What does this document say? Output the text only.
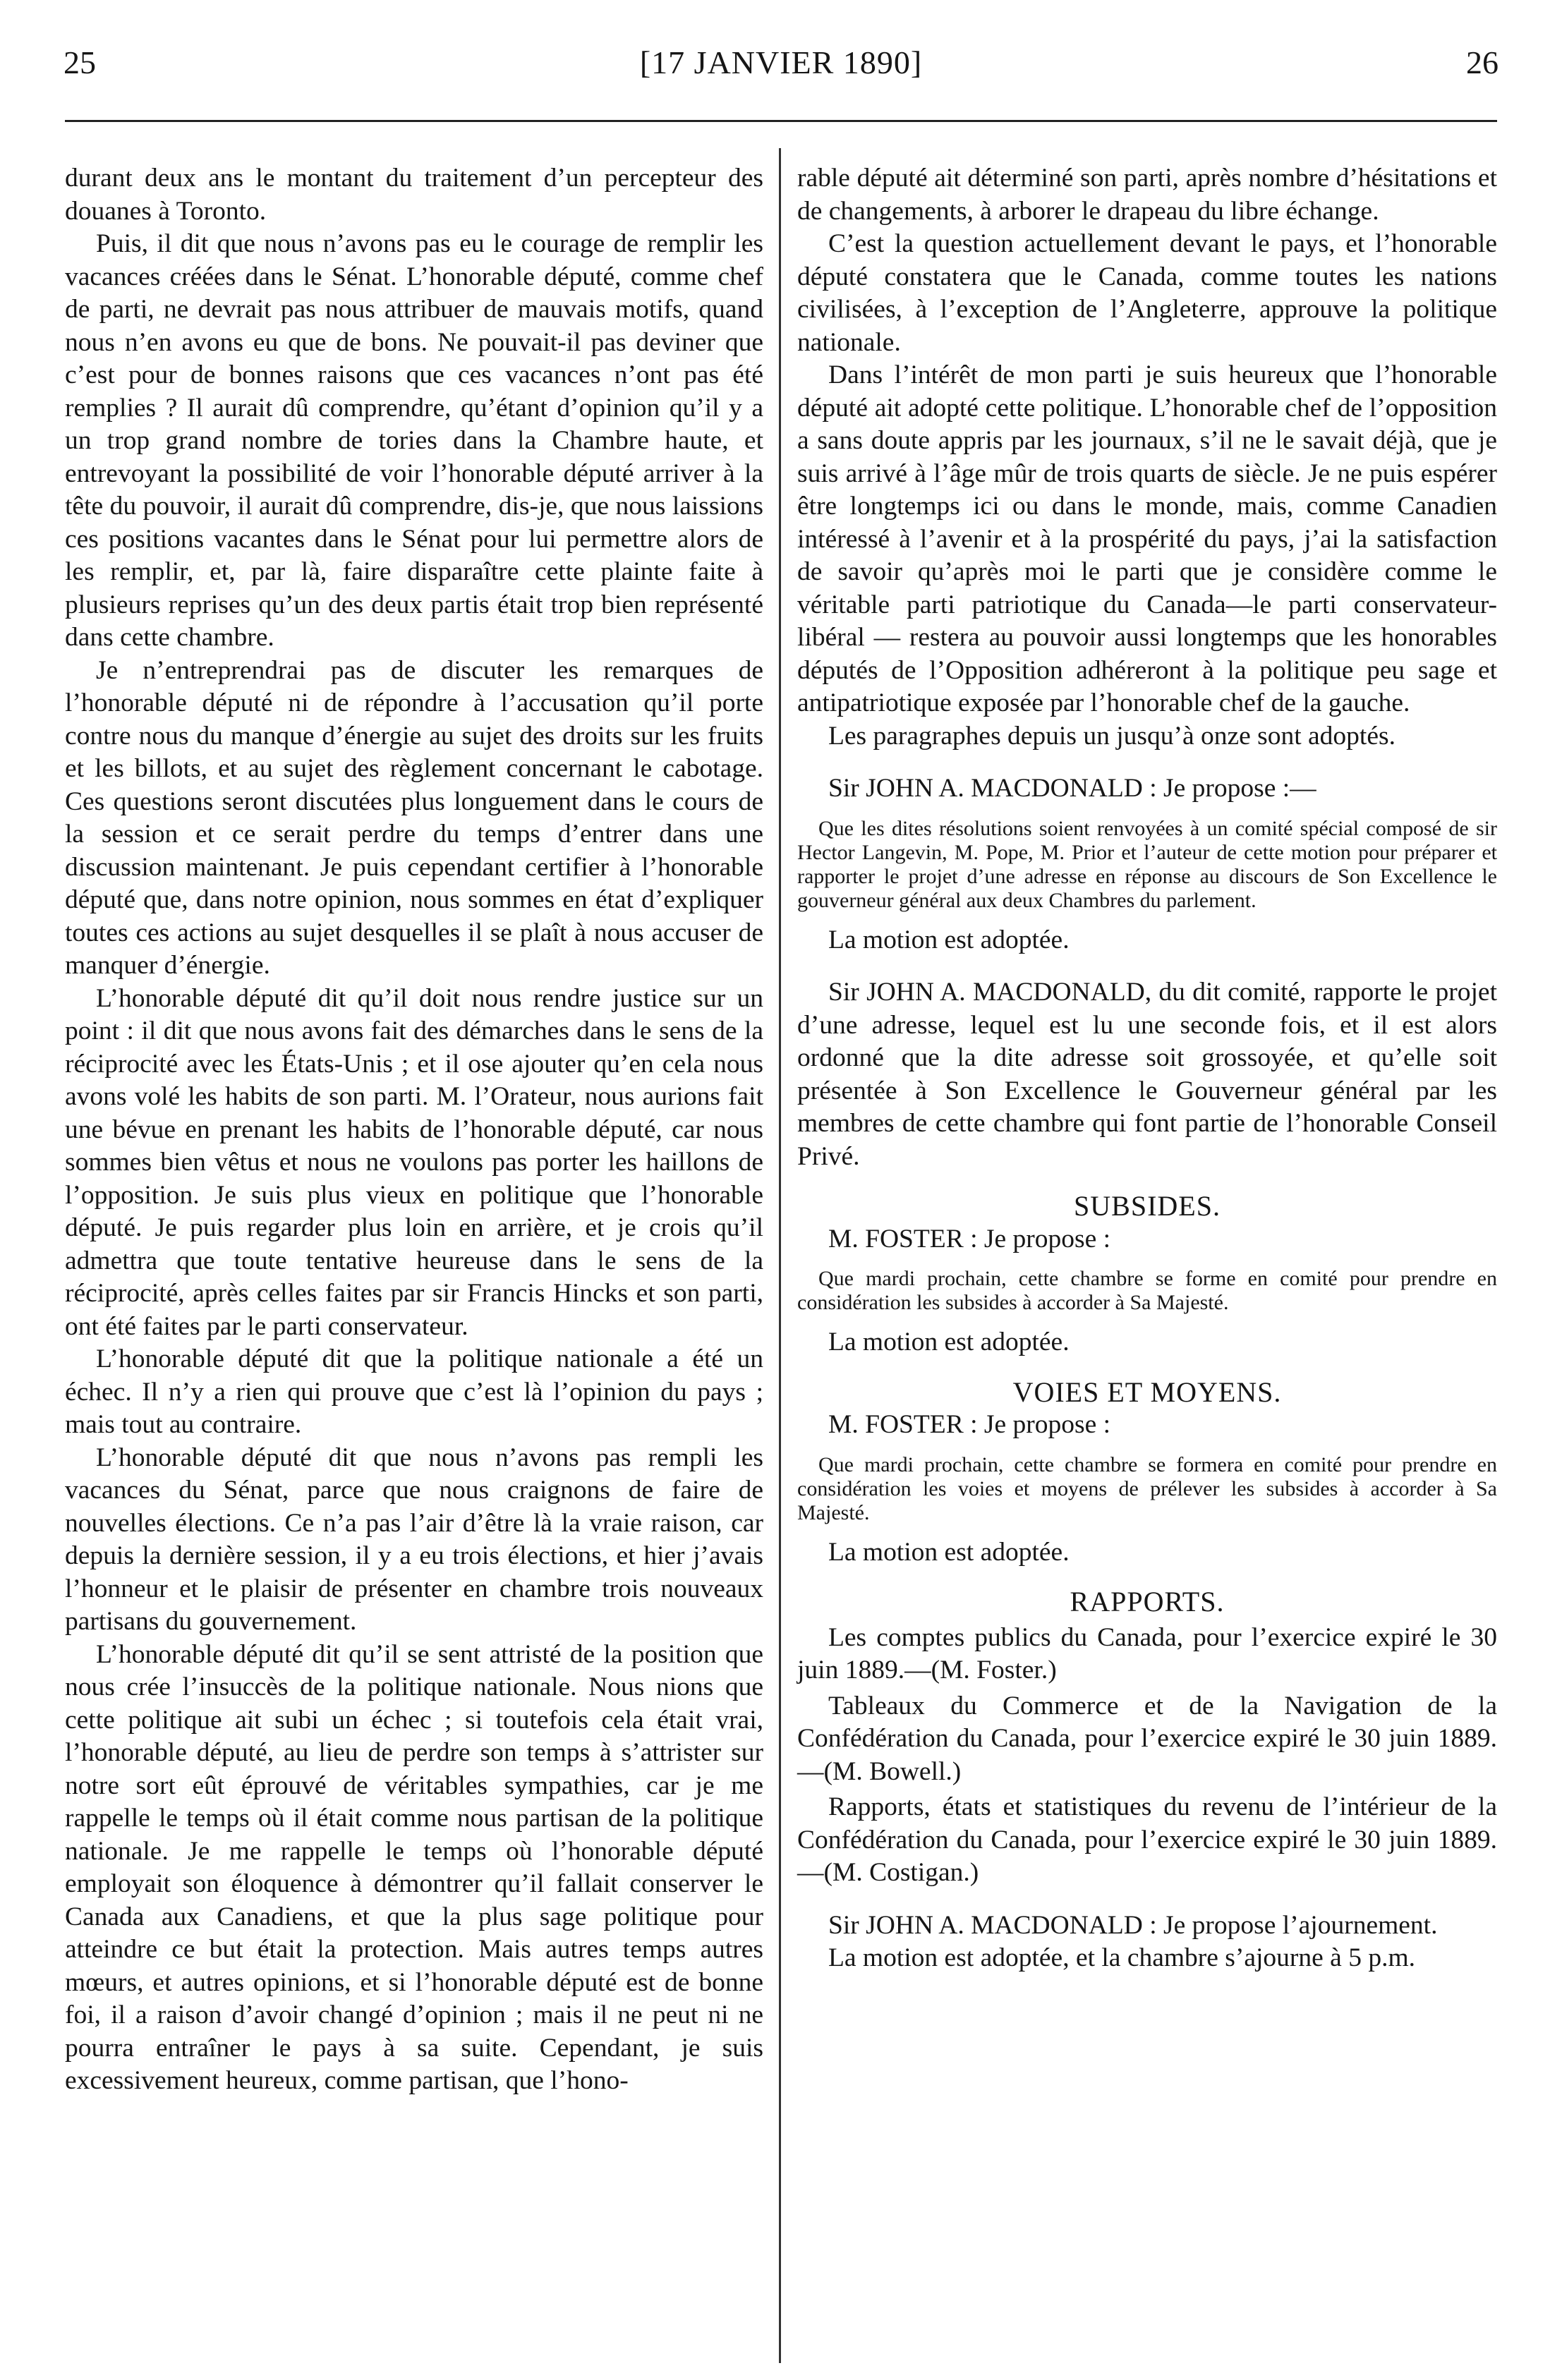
25	[17 JANVIER 1890]	26

durant deux ans le montant du traitement d’un percepteur des douanes à Toronto.

Puis, il dit que nous n’avons pas eu le courage de remplir les vacances créées dans le Sénat. L’honorable député, comme chef de parti, ne devrait pas nous attribuer de mauvais motifs, quand nous n’en avons eu que de bons. Ne pouvait-il pas deviner que c’est pour de bonnes raisons que ces vacances n’ont pas été remplies ? Il aurait dû comprendre, qu’étant d’opinion qu’il y a un trop grand nombre de tories dans la Chambre haute, et entrevoyant la possibilité de voir l’honorable député arriver à la tête du pouvoir, il aurait dû comprendre, dis-je, que nous laissions ces positions vacantes dans le Sénat pour lui permettre alors de les remplir, et, par là, faire disparaître cette plainte faite à plusieurs reprises qu’un des deux partis était trop bien représenté dans cette chambre.

Je n’entreprendrai pas de discuter les remarques de l’honorable député ni de répondre à l’accusation qu’il porte contre nous du manque d’énergie au sujet des droits sur les fruits et les billots, et au sujet des règlement concernant le cabotage. Ces questions seront discutées plus longuement dans le cours de la session et ce serait perdre du temps d’entrer dans une discussion maintenant. Je puis cependant certifier à l’honorable député que, dans notre opinion, nous sommes en état d’expliquer toutes ces actions au sujet desquelles il se plaît à nous accuser de manquer d’énergie.

L’honorable député dit qu’il doit nous rendre justice sur un point : il dit que nous avons fait des démarches dans le sens de la réciprocité avec les États-Unis ; et il ose ajouter qu’en cela nous avons volé les habits de son parti. M. l’Orateur, nous aurions fait une bévue en prenant les habits de l’honorable député, car nous sommes bien vêtus et nous ne voulons pas porter les haillons de l’opposition. Je suis plus vieux en politique que l’honorable député. Je puis regarder plus loin en arrière, et je crois qu’il admettra que toute tentative heureuse dans le sens de la réciprocité, après celles faites par sir Francis Hincks et son parti, ont été faites par le parti conservateur.

L’honorable député dit que la politique nationale a été un échec. Il n’y a rien qui prouve que c’est là l’opinion du pays ; mais tout au contraire.

L’honorable député dit que nous n’avons pas rempli les vacances du Sénat, parce que nous craignons de faire de nouvelles élections. Ce n’a pas l’air d’être là la vraie raison, car depuis la dernière session, il y a eu trois élections, et hier j’avais l’honneur et le plaisir de présenter en chambre trois nouveaux partisans du gouvernement.

L’honorable député dit qu’il se sent attristé de la position que nous crée l’insuccès de la politique nationale. Nous nions que cette politique ait subi un échec ; si toutefois cela était vrai, l’honorable député, au lieu de perdre son temps à s’attrister sur notre sort eût éprouvé de véritables sympathies, car je me rappelle le temps où il était comme nous partisan de la politique nationale. Je me rappelle le temps où l’honorable député employait son éloquence à démontrer qu’il fallait conserver le Canada aux Canadiens, et que la plus sage politique pour atteindre ce but était la protection. Mais autres temps autres mœurs, et autres opinions, et si l’honorable député est de bonne foi, il a raison d’avoir changé d’opinion ; mais il ne peut ni ne pourra entraîner le pays à sa suite. Cependant, je suis excessivement heureux, comme partisan, que l’hono-

rable député ait déterminé son parti, après nombre d’hésitations et de changements, à arborer le drapeau du libre échange.

C’est la question actuellement devant le pays, et l’honorable député constatera que le Canada, comme toutes les nations civilisées, à l’exception de l’Angleterre, approuve la politique nationale.

Dans l’intérêt de mon parti je suis heureux que l’honorable député ait adopté cette politique. L’honorable chef de l’opposition a sans doute appris par les journaux, s’il ne le savait déjà, que je suis arrivé à l’âge mûr de trois quarts de siècle. Je ne puis espérer être longtemps ici ou dans le monde, mais, comme Canadien intéressé à l’avenir et à la prospérité du pays, j’ai la satisfaction de savoir qu’après moi le parti que je considère comme le véritable parti patriotique du Canada—le parti conservateur-libéral — restera au pouvoir aussi longtemps que les honorables députés de l’Opposition adhéreront à la politique peu sage et antipatriotique exposée par l’honorable chef de la gauche.

Les paragraphes depuis un jusqu’à onze sont adoptés.

Sir JOHN A. MACDONALD : Je propose :—

Que les dites résolutions soient renvoyées à un comité spécial composé de sir Hector Langevin, M. Pope, M. Prior et l’auteur de cette motion pour préparer et rapporter le projet d’une adresse en réponse au discours de Son Excellence le gouverneur général aux deux Chambres du parlement.

La motion est adoptée.

Sir JOHN A. MACDONALD, du dit comité, rapporte le projet d’une adresse, lequel est lu une seconde fois, et il est alors ordonné que la dite adresse soit grossoyée, et qu’elle soit présentée à Son Excellence le Gouverneur général par les membres de cette chambre qui font partie de l’honorable Conseil Privé.

SUBSIDES.

M. FOSTER : Je propose :

Que mardi prochain, cette chambre se forme en comité pour prendre en considération les subsides à accorder à Sa Majesté.

La motion est adoptée.

VOIES ET MOYENS.

M. FOSTER : Je propose :

Que mardi prochain, cette chambre se formera en comité pour prendre en considération les voies et moyens de prélever les subsides à accorder à Sa Majesté.

La motion est adoptée.

RAPPORTS.

Les comptes publics du Canada, pour l’exercice expiré le 30 juin 1889.—(M. Foster.)

Tableaux du Commerce et de la Navigation de la Confédération du Canada, pour l’exercice expiré le 30 juin 1889.—(M. Bowell.)

Rapports, états et statistiques du revenu de l’intérieur de la Confédération du Canada, pour l’exercice expiré le 30 juin 1889.—(M. Costigan.)

Sir JOHN A. MACDONALD : Je propose l’ajournement.

La motion est adoptée, et la chambre s’ajourne à 5 p.m.
